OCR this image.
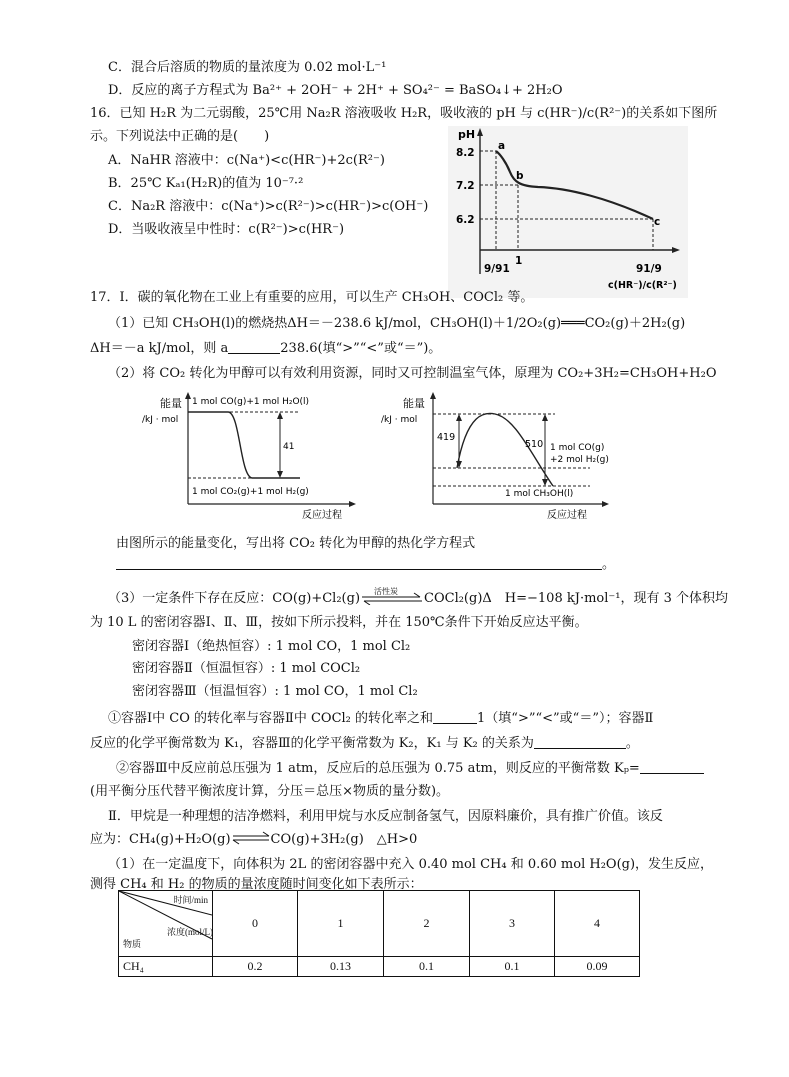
C．混合后溶质的物质的量浓度为 0.02 mol·L⁻¹
D．反应的离子方程式为 Ba²⁺ + 2OH⁻ + 2H⁺ + SO₄²⁻ = BaSO₄↓+ 2H₂O
16．已知 H₂R 为二元弱酸，25℃用 Na₂R 溶液吸收 H₂R，吸收液的 pH 与 c(HR⁻)/c(R²⁻)的关系如下图所
示。下列说法中正确的是(　　)
A．NaHR 溶液中：c(Na⁺)<c(HR⁻)+2c(R²⁻)
B．25℃ Kₐ₁(H₂R)的值为 10⁻⁷·²
C．Na₂R 溶液中：c(Na⁺)>c(R²⁻)>c(HR⁻)>c(OH⁻)
D．当吸收液呈中性时：c(R²⁻)>c(HR⁻)
pH
8.2
7.2
6.2
a
b
c
9/91
1
91/9
c(HR⁻)/c(R²⁻)
17．Ⅰ．碳的氧化物在工业上有重要的应用，可以生产 CH₃OH、COCl₂ 等。
（1）已知 CH₃OH(l)的燃烧热ΔH＝－238.6 kJ/mol，CH₃OH(l)＋1/2O₂(g)═══CO₂(g)＋2H₂(g)
ΔH＝－a kJ/mol，则 a	238.6(填“>”“<”或“＝”)。
（2）将 CO₂ 转化为甲醇可以有效利用资源，同时又可控制温室气体，原理为 CO₂+3H₂=CH₃OH+H₂O
能量
/kJ · mol
41
1 mol CO(g)+1 mol H₂O(l)
1 mol CO₂(g)+1 mol H₂(g)
反应过程
能量
/kJ · mol
419
510 1 mol CO(g)
+2 mol H₂(g)
1 mol CH₃OH(l)
反应过程
由图所示的能量变化，写出将 CO₂ 转化为甲醇的热化学方程式
。
（3）一定条件下存在反应：CO(g)+Cl₂(g) 活性炭 COCl₂(g)Δ　H=−108 kJ·mol⁻¹，现有 3 个体积均
为 10 L 的密闭容器Ⅰ、Ⅱ、Ⅲ，按如下所示投料，并在 150℃条件下开始反应达平衡。
密闭容器Ⅰ（绝热恒容）: 1 mol CO，1 mol Cl₂
密闭容器Ⅱ（恒温恒容）: 1 mol COCl₂
密闭容器Ⅲ（恒温恒容）: 1 mol CO，1 mol Cl₂
①容器Ⅰ中 CO 的转化率与容器Ⅱ中 COCl₂ 的转化率之和	1（填“>”“<”或“＝”）；容器Ⅱ
反应的化学平衡常数为 K₁，容器Ⅲ的化学平衡常数为 K₂，K₁ 与 K₂ 的关系为	。
②容器Ⅲ中反应前总压强为 1 atm，反应后的总压强为 0.75 atm，则反应的平衡常数 Kₚ=
(用平衡分压代替平衡浓度计算，分压＝总压×物质的量分数)。
Ⅱ．甲烷是一种理想的洁净燃料，利用甲烷与水反应制备氢气，因原料廉价，具有推广价值。该反
应为：CH₄(g)+H₂O(g)⇌CO(g)+3H₂(g)　△H>0
（1）在一定温度下，向体积为 2L 的密闭容器中充入 0.40 mol CH₄ 和 0.60 mol H₂O(g)，发生反应，
测得 CH₄ 和 H₂ 的物质的量浓度随时间变化如下表所示：
时间/min
浓度(mol/L)
物质	0	1	2	3	4
CH₄	0.2	0.13	0.1	0.1	0.09
